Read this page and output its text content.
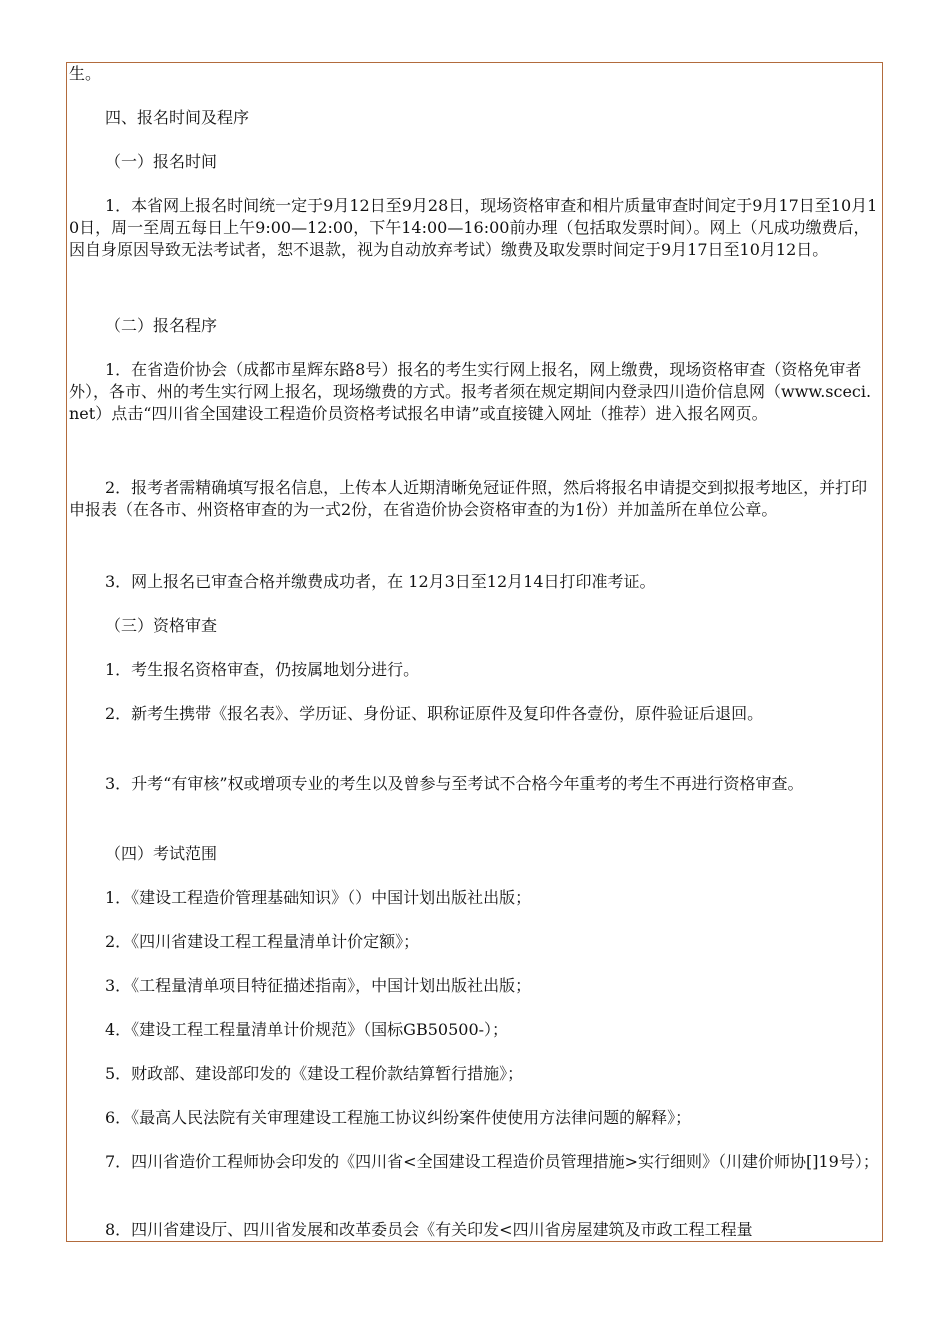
生。

四、报名时间及程序

（一）报名时间

1．本省网上报名时间统一定于9月12日至9月28日，现场资格审查和相片质量审查时间定于9月17日至10月10日，周一至周五每日上午9:00—12:00，下午14:00—16:00前办理（包括取发票时间）。网上（凡成功缴费后，因自身原因导致无法考试者，恕不退款，视为自动放弃考试）缴费及取发票时间定于9月17日至10月12日。

（二）报名程序

1．在省造价协会（成都市星辉东路8号）报名的考生实行网上报名，网上缴费，现场资格审查（资格免审者外），各市、州的考生实行网上报名，现场缴费的方式。报考者须在规定期间内登录四川造价信息网（www.sceci.net）点击“四川省全国建设工程造价员资格考试报名申请”或直接键入网址（推荐）进入报名网页。

2．报考者需精确填写报名信息，上传本人近期清晰免冠证件照，然后将报名申请提交到拟报考地区，并打印申报表（在各市、州资格审查的为一式2份，在省造价协会资格审查的为1份）并加盖所在单位公章。

3．网上报名已审查合格并缴费成功者，在 12月3日至12月14日打印准考证。

（三）资格审查

1．考生报名资格审查，仍按属地划分进行。

2．新考生携带《报名表》、学历证、身份证、职称证原件及复印件各壹份，原件验证后退回。

3．升考“有审核”权或增项专业的考生以及曾参与至考试不合格今年重考的考生不再进行资格审查。

（四）考试范围

1．《建设工程造价管理基础知识》（）中国计划出版社出版；

2．《四川省建设工程工程量清单计价定额》；

3．《工程量清单项目特征描述指南》，中国计划出版社出版；

4．《建设工程工程量清单计价规范》（国标GB50500-）；

5．财政部、建设部印发的《建设工程价款结算暂行措施》；

6．《最高人民法院有关审理建设工程施工协议纠纷案件使使用方法律问题的解释》；

7．四川省造价工程师协会印发的《四川省<全国建设工程造价员管理措施>实行细则》（川建价师协[]19号）；

8．四川省建设厅、四川省发展和改革委员会《有关印发<四川省房屋建筑及市政工程工程量
